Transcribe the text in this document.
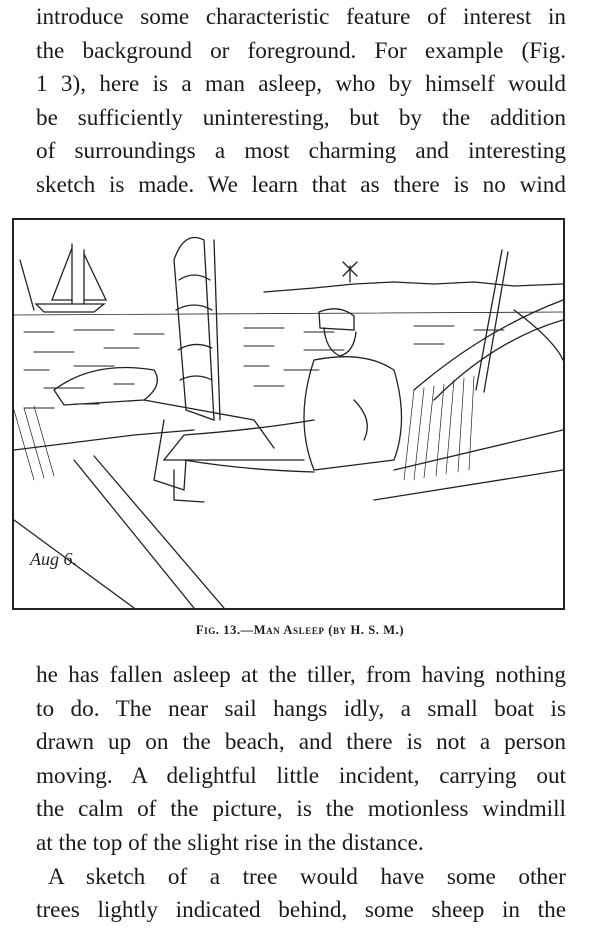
introduce some characteristic feature of interest in
the background or foreground. For example (Fig.
1 3), here is a man asleep, who by himself would
be sufficiently uninteresting, but by the addition
of surroundings a most charming and interesting
sketch is made. We learn that as there is no wind
Aug 6.
Fig. 13.—Man Asleep (by H. S. M.)
he has fallen asleep at the tiller, from having nothing
to do. The near sail hangs idly, a small boat is
drawn up on the beach, and there is not a person
moving. A delightful little incident, carrying out
the calm of the picture, is the motionless windmill
at the top of the slight rise in the distance.
A sketch of a tree would have some other
trees lightly indicated behind, some sheep in the
